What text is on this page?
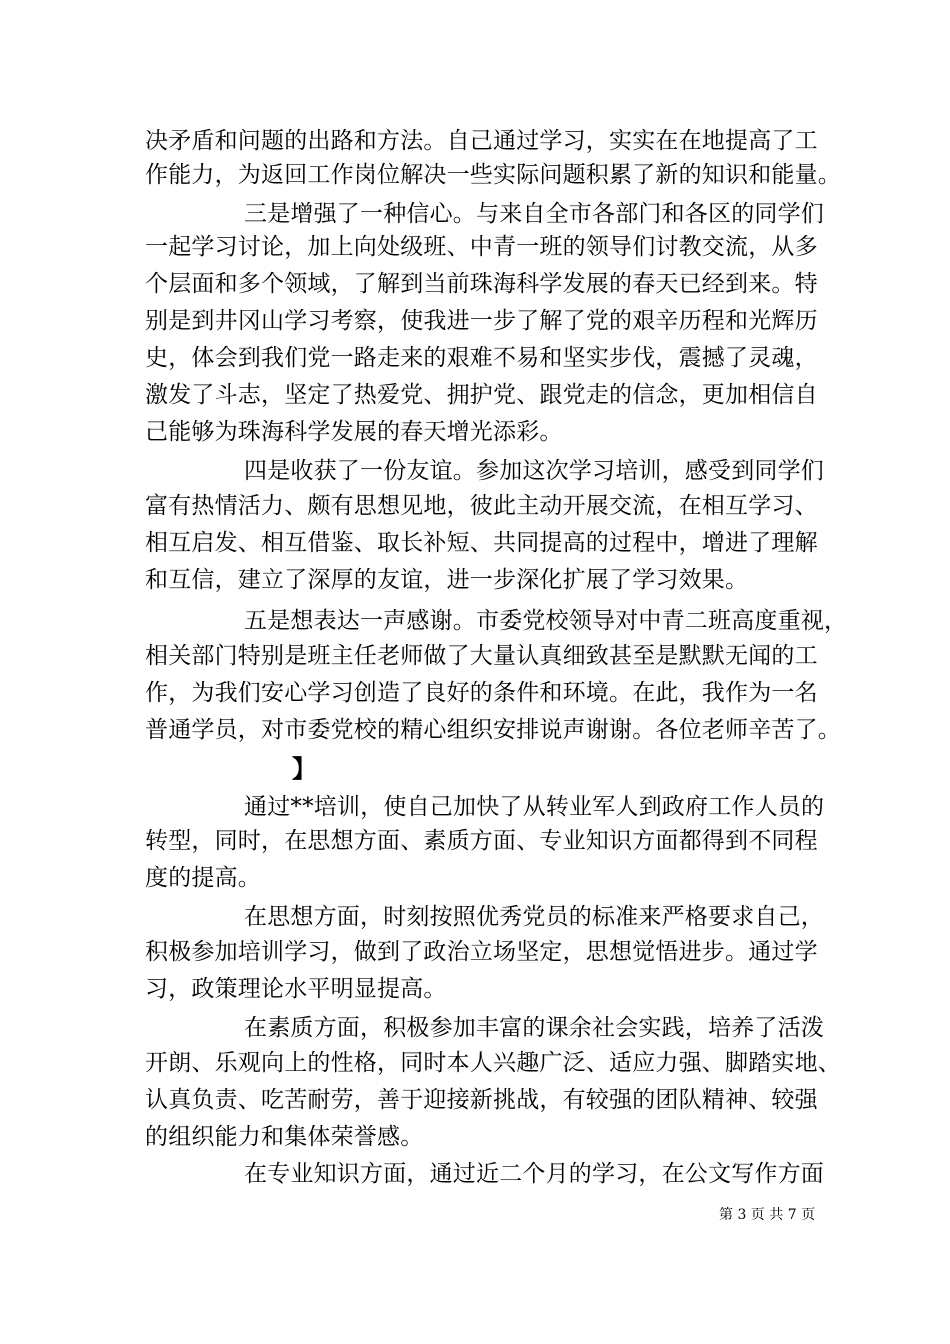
决矛盾和问题的出路和方法。自己通过学习，实实在在地提高了工
作能力，为返回工作岗位解决一些实际问题积累了新的知识和能量。
三是增强了一种信心。与来自全市各部门和各区的同学们
一起学习讨论，加上向处级班、中青一班的领导们讨教交流，从多
个层面和多个领域，了解到当前珠海科学发展的春天已经到来。特
别是到井冈山学习考察，使我进一步了解了党的艰辛历程和光辉历
史，体会到我们党一路走来的艰难不易和坚实步伐，震撼了灵魂，
激发了斗志，坚定了热爱党、拥护党、跟党走的信念，更加相信自
己能够为珠海科学发展的春天增光添彩。
四是收获了一份友谊。参加这次学习培训，感受到同学们
富有热情活力、颇有思想见地，彼此主动开展交流，在相互学习、
相互启发、相互借鉴、取长补短、共同提高的过程中，增进了理解
和互信，建立了深厚的友谊，进一步深化扩展了学习效果。
五是想表达一声感谢。市委党校领导对中青二班高度重视，
相关部门特别是班主任老师做了大量认真细致甚至是默默无闻的工
作，为我们安心学习创造了良好的条件和环境。在此，我作为一名
普通学员，对市委党校的精心组织安排说声谢谢。各位老师辛苦了。
】
通过**培训，使自己加快了从转业军人到政府工作人员的
转型，同时，在思想方面、素质方面、专业知识方面都得到不同程
度的提高。
在思想方面，时刻按照优秀党员的标准来严格要求自己，
积极参加培训学习，做到了政治立场坚定，思想觉悟进步。通过学
习，政策理论水平明显提高。
在素质方面，积极参加丰富的课余社会实践，培养了活泼
开朗、乐观向上的性格，同时本人兴趣广泛、适应力强、脚踏实地、
认真负责、吃苦耐劳，善于迎接新挑战，有较强的团队精神、较强
的组织能力和集体荣誉感。
在专业知识方面，通过近二个月的学习，在公文写作方面
第 3 页 共 7 页
